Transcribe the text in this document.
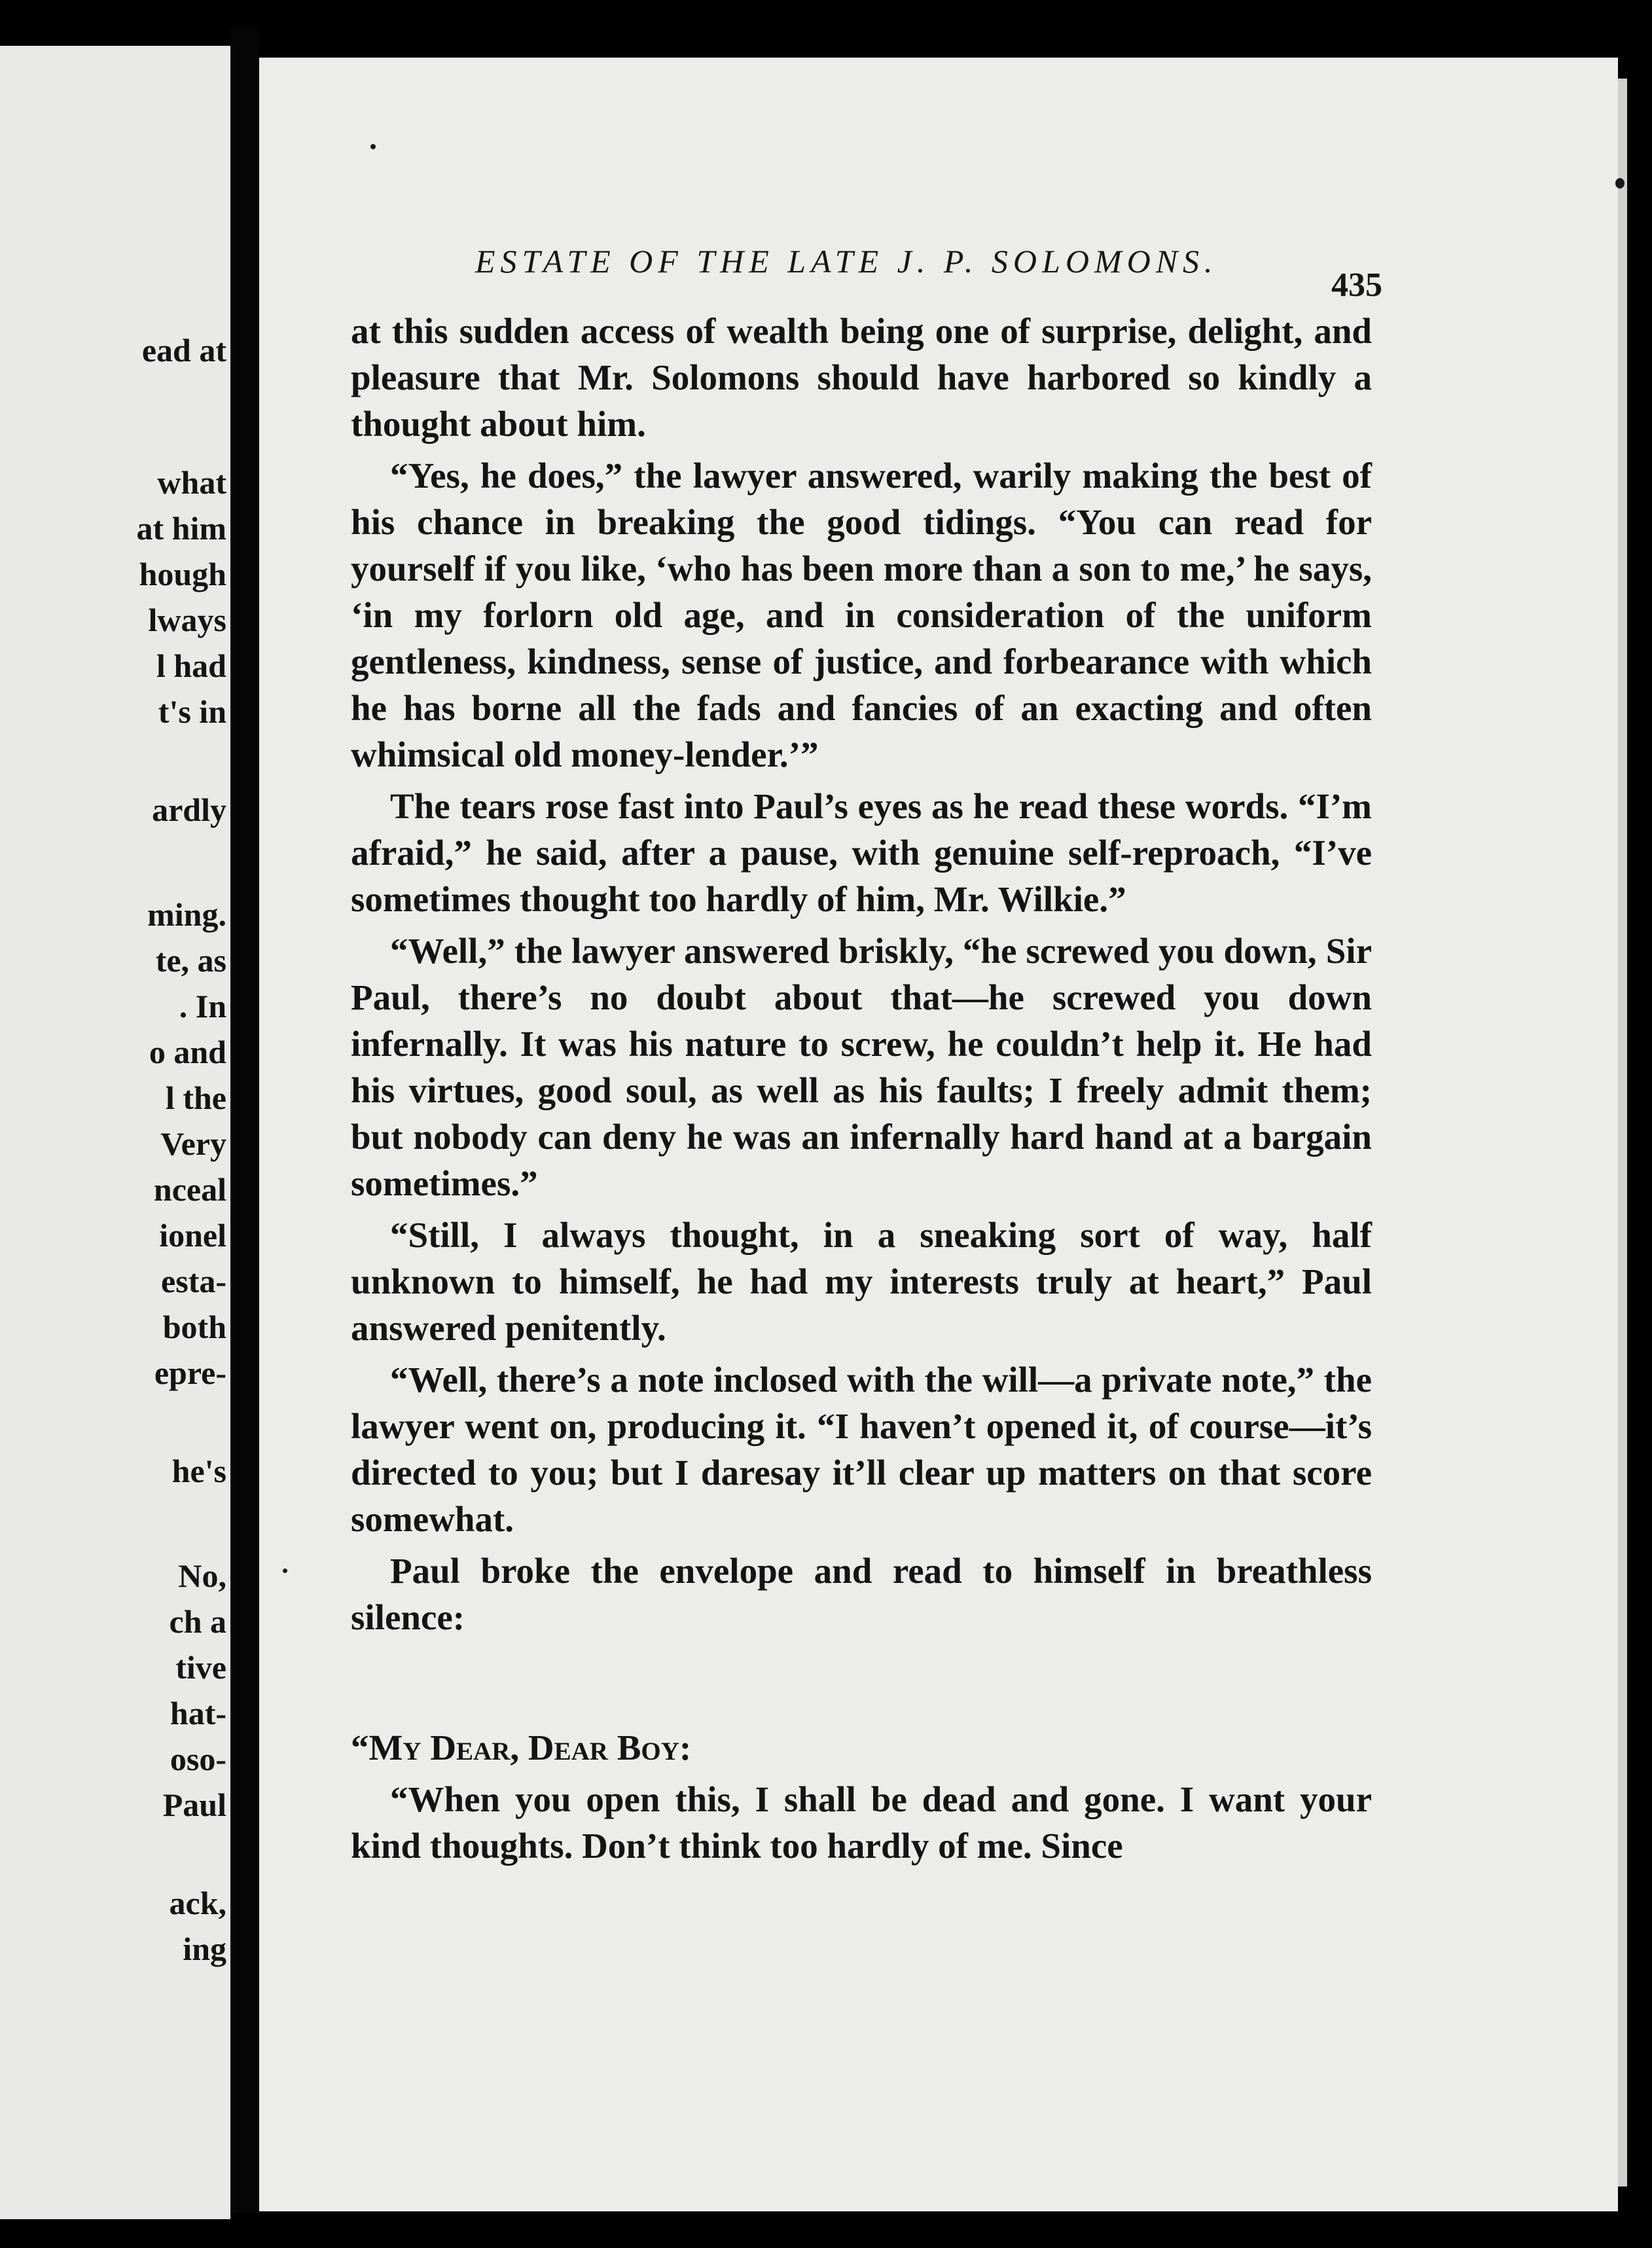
ead at
what
at him
hough
lways
l had
t's in
ardly
ming.
te, as
. In
o and
l the
Very
nceal
ionel
esta-
both
epre-
he's
No,
ch a
tive
hat-
oso-
Paul
ack,
ing
ESTATE OF THE LATE J. P. SOLOMONS.
435

at this sudden access of wealth being one of surprise, delight, and pleasure that Mr. Solomons should have harbored so kindly a thought about him.

“Yes, he does,” the lawyer answered, warily making the best of his chance in breaking the good tidings. “You can read for yourself if you like, ‘who has been more than a son to me,’ he says, ‘in my forlorn old age, and in consideration of the uniform gentleness, kindness, sense of justice, and forbearance with which he has borne all the fads and fancies of an exacting and often whimsical old money-lender.’”

The tears rose fast into Paul’s eyes as he read these words. “I’m afraid,” he said, after a pause, with genuine self-reproach, “I’ve sometimes thought too hardly of him, Mr. Wilkie.”

“Well,” the lawyer answered briskly, “he screwed you down, Sir Paul, there’s no doubt about that—he screwed you down infernally. It was his nature to screw, he couldn’t help it. He had his virtues, good soul, as well as his faults; I freely admit them; but nobody can deny he was an infernally hard hand at a bargain sometimes.”

“Still, I always thought, in a sneaking sort of way, half unknown to himself, he had my interests truly at heart,” Paul answered penitently.

“Well, there’s a note inclosed with the will—a private note,” the lawyer went on, producing it. “I haven’t opened it, of course—it’s directed to you; but I daresay it’ll clear up matters on that score somewhat.

Paul broke the envelope and read to himself in breathless silence:

“My Dear, Dear Boy:

“When you open this, I shall be dead and gone. I want your kind thoughts. Don’t think too hardly of me. Since
